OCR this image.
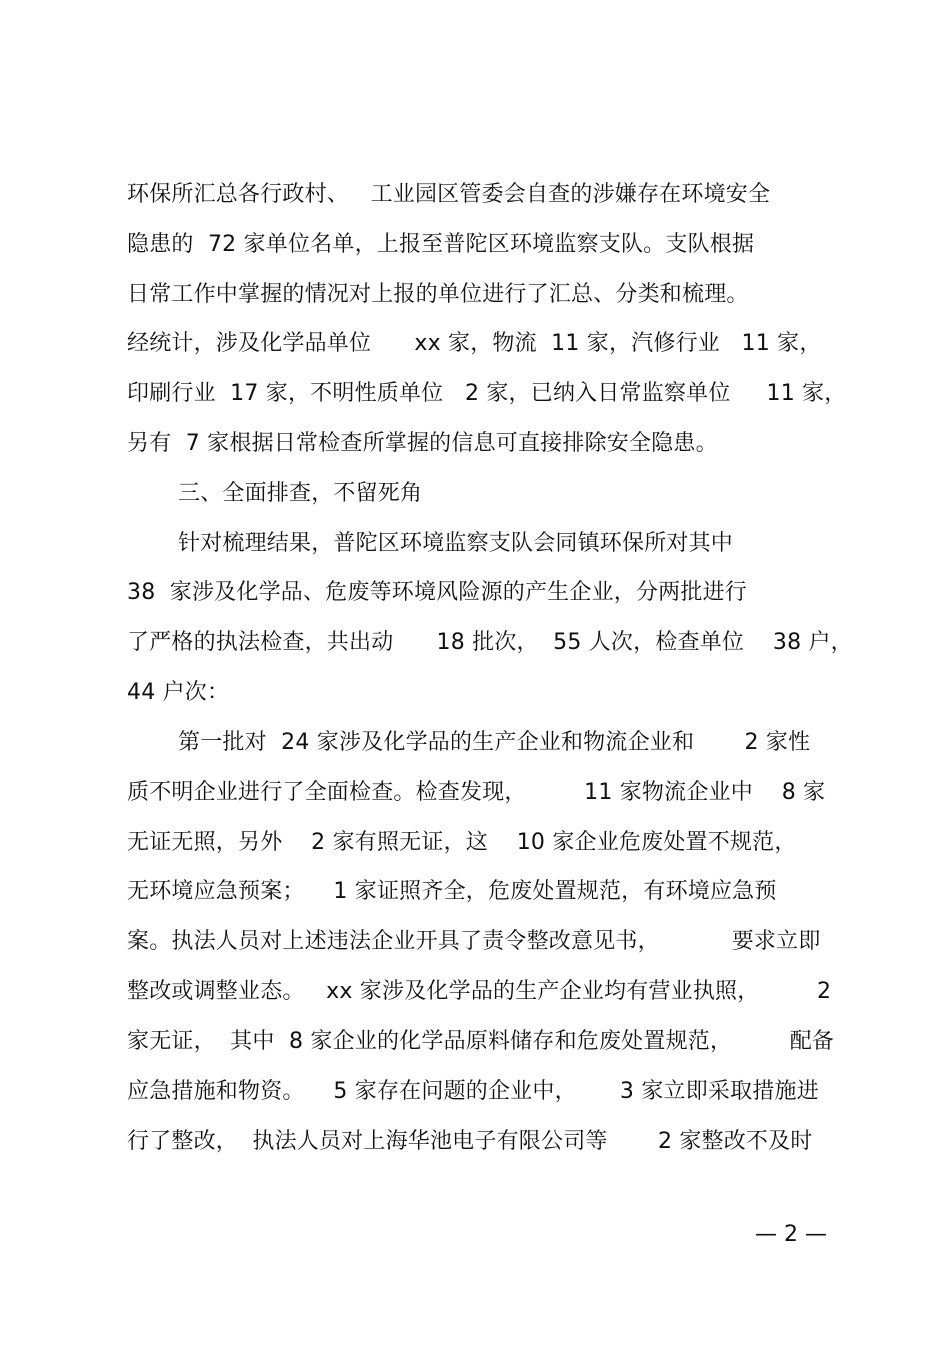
环保所汇总各行政村、   工业园区管委会自查的涉嫌存在环境安全
隐患的  72 家单位名单，上报至普陀区环境监察支队。支队根据
日常工作中掌握的情况对上报的单位进行了汇总、分类和梳理。
经统计，涉及化学品单位      xx 家，物流  11 家，汽修行业   11 家，
印刷行业  17 家，不明性质单位   2 家，已纳入日常监察单位     11 家，
另有  7 家根据日常检查所掌握的信息可直接排除安全隐患。
三、全面排查，不留死角
针对梳理结果，普陀区环境监察支队会同镇环保所对其中
38  家涉及化学品、危废等环境风险源的产生企业，分两批进行
了严格的执法检查，共出动      18 批次，  55 人次，检查单位    38 户，
44 户次：
第一批对  24 家涉及化学品的生产企业和物流企业和       2 家性
质不明企业进行了全面检查。检查发现，        11 家物流企业中    8 家
无证无照，另外    2 家有照无证，这    10 家企业危废处置不规范，
无环境应急预案；    1 家证照齐全，危废处置规范，有环境应急预
案。执法人员对上述违法企业开具了责令整改意见书，          要求立即
整改或调整业态。   xx 家涉及化学品的生产企业均有营业执照，        2
家无证，  其中  8 家企业的化学品原料储存和危废处置规范，        配备
应急措施和物资。    5 家存在问题的企业中，      3 家立即采取措施进
行了整改，  执法人员对上海华池电子有限公司等       2 家整改不及时
— 2 —
